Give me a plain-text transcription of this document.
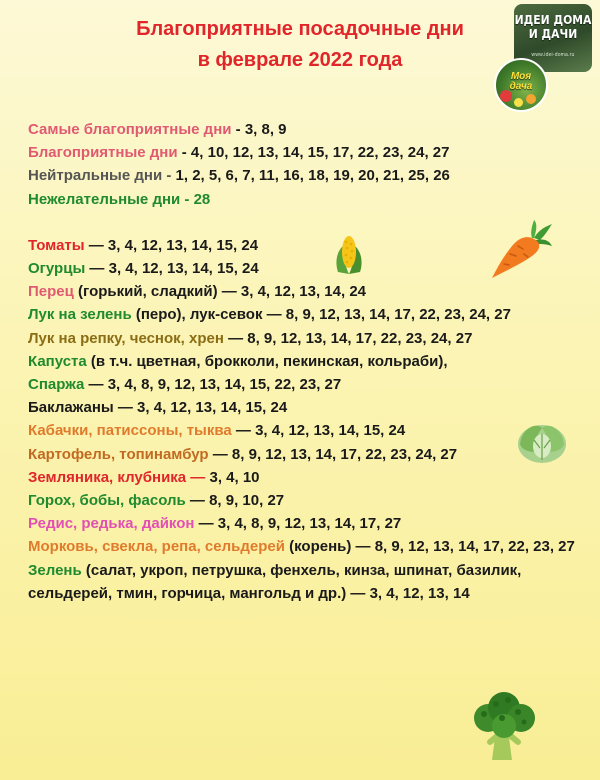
Благоприятные посадочные дни
в феврале 2022 года
ИДЕИ ДОМА
И ДАЧИ
www.idei-doma.ru
Моя
дача

Самые благоприятные дни - 3, 8, 9

Благоприятные дни - 4, 10, 12, 13, 14, 15, 17, 22, 23, 24, 27

Нейтральные дни - 1, 2, 5, 6, 7, 11, 16, 18, 19, 20, 21, 25, 26

Нежелательные дни - 28

Томаты — 3, 4, 12, 13, 14, 15, 24

Огурцы — 3, 4, 12, 13, 14, 15, 24

Перец (горький, сладкий) — 3, 4, 12, 13, 14, 24

Лук на зелень (перо), лук-севок — 8, 9, 12, 13, 14, 17, 22, 23, 24, 27

Лук на репку, чеснок, хрен — 8, 9, 12, 13, 14, 17, 22, 23, 24, 27

Капуста (в т.ч. цветная, брокколи, пекинская, кольраби),

Спаржа — 3, 4, 8, 9, 12, 13, 14, 15, 22, 23, 27

Баклажаны — 3, 4, 12, 13, 14, 15, 24

Кабачки, патиссоны, тыква — 3, 4, 12, 13, 14, 15, 24

Картофель, топинамбур — 8, 9, 12, 13, 14, 17, 22, 23, 24, 27

Земляника, клубника — 3, 4, 10

Горох, бобы, фасоль — 8, 9, 10, 27

Редис, редька, дайкон — 3, 4, 8, 9, 12, 13, 14, 17, 27

Морковь, свекла, репа, сельдерей (корень) — 8, 9, 12, 13, 14, 17, 22, 23, 27

Зелень (салат, укроп, петрушка, фенхель, кинза, шпинат, базилик, сельдерей, тмин, горчица, мангольд и др.) — 3, 4, 12, 13, 14
